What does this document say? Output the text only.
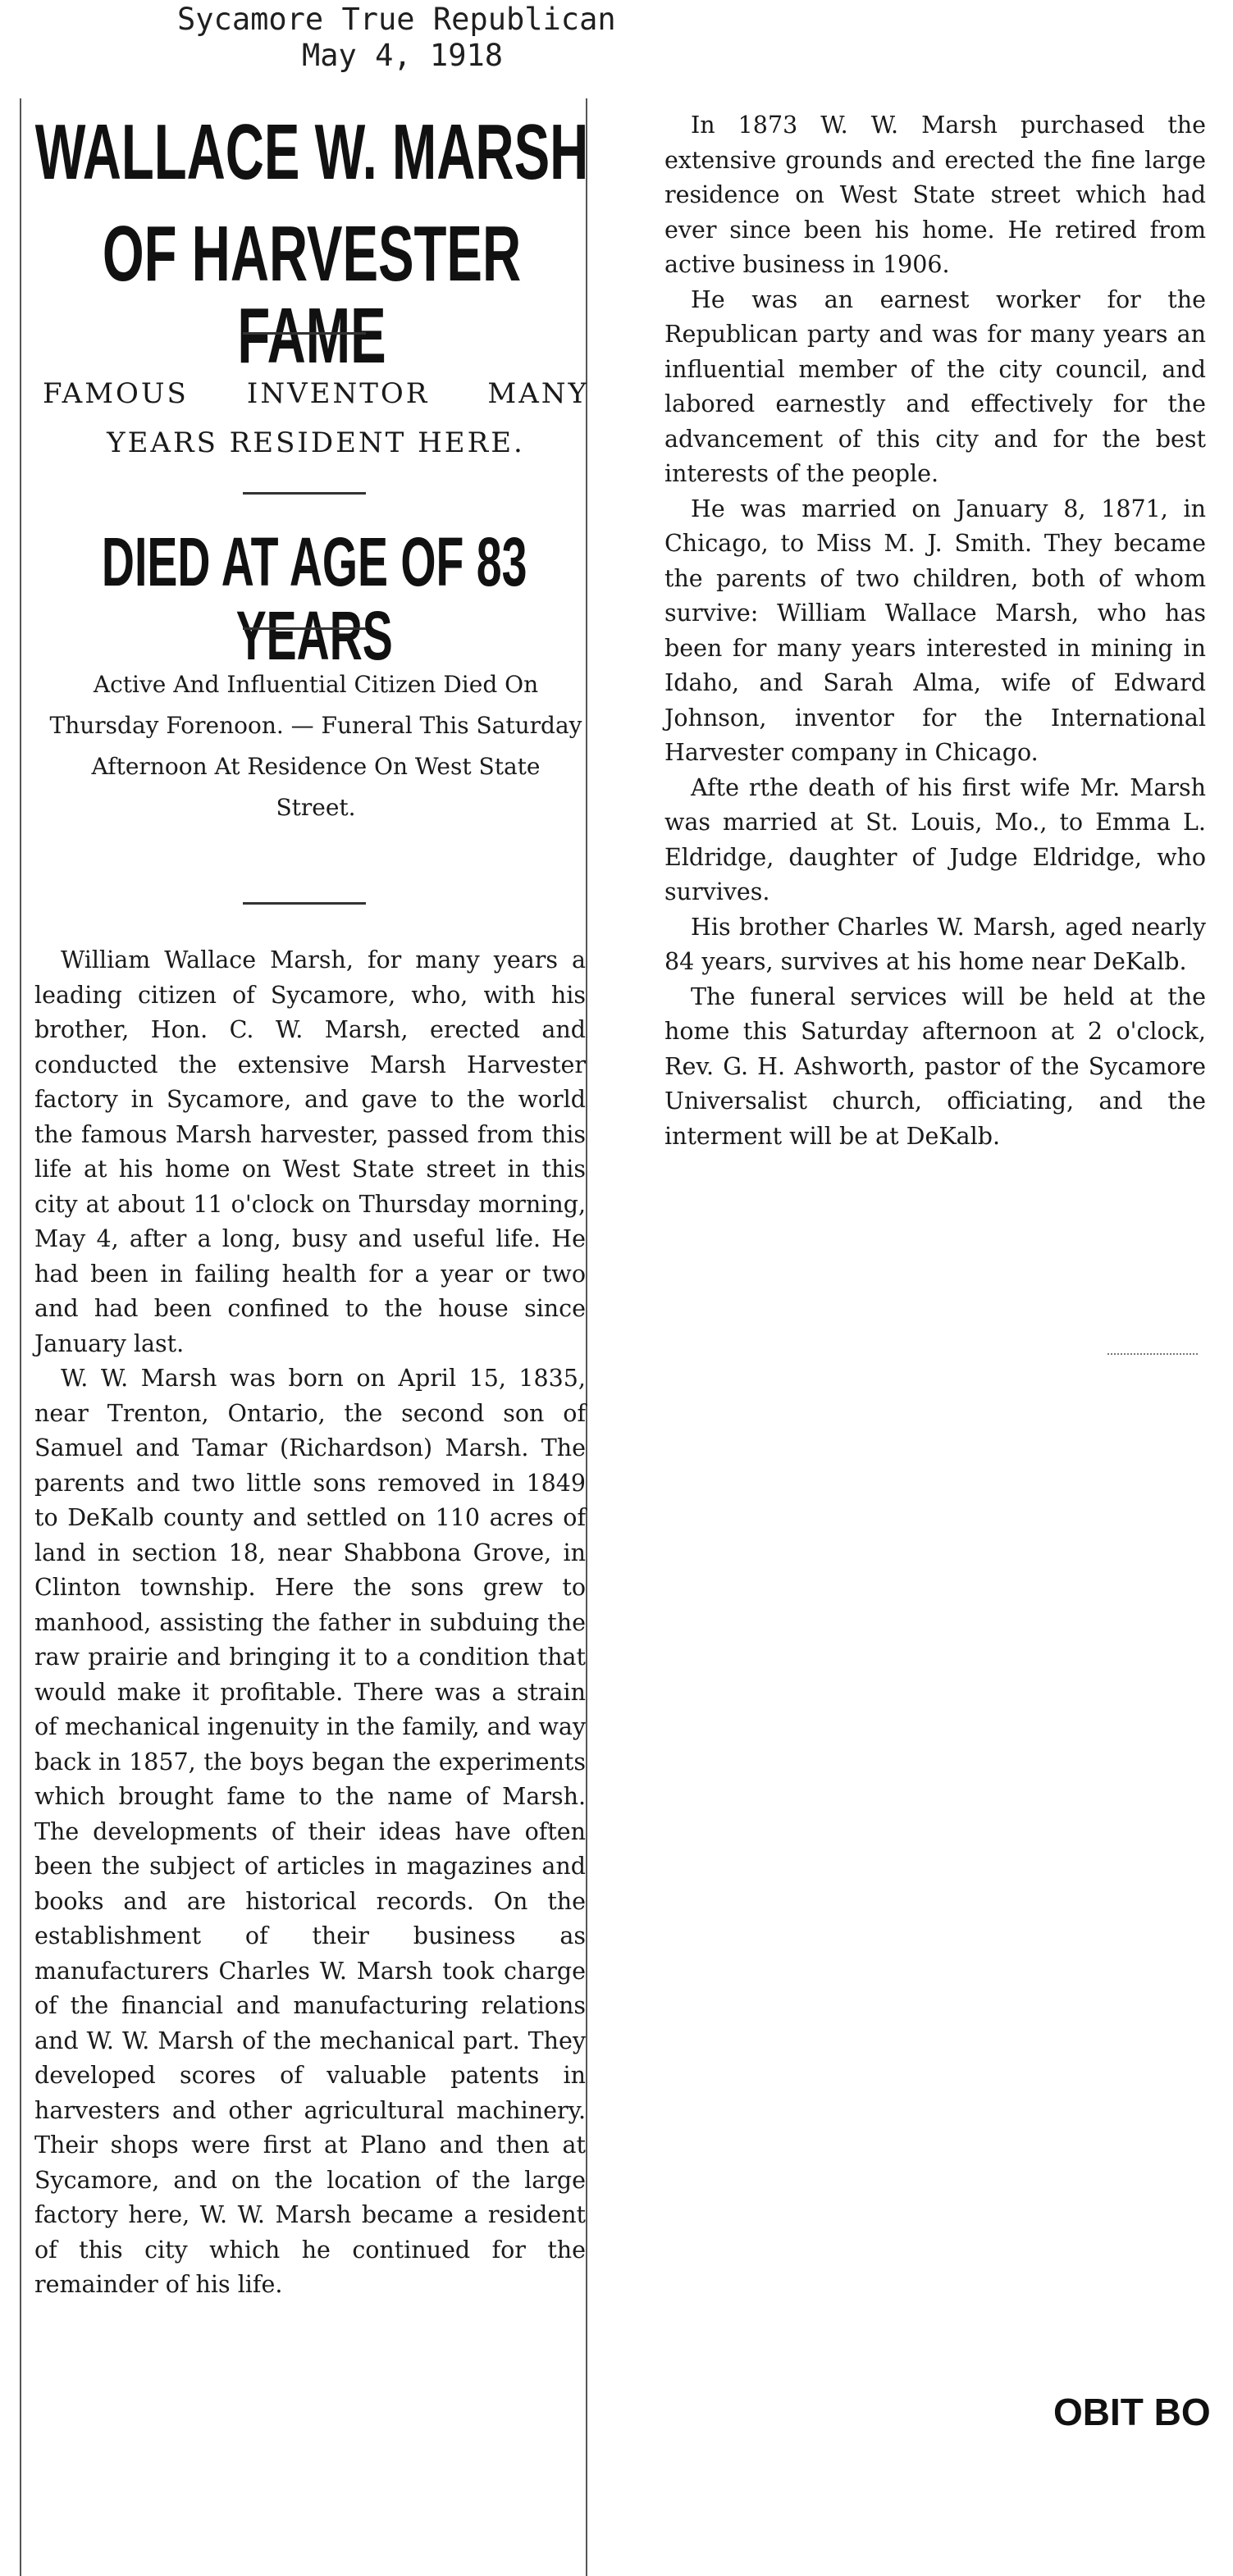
Sycamore True Republican
May 4, 1918
WALLACE W. MARSH
OF HARVESTER FAME
FAMOUS INVENTOR MANY YEARS RESIDENT HERE.
DIED AT AGE OF 83 YEARS
Active And Influential Citizen Died On Thursday Forenoon. — Funeral This Saturday Afternoon At Residence On West State Street.

William Wallace Marsh, for many years a leading citizen of Sycamore, who, with his brother, Hon. C. W. Marsh, erected and conducted the extensive Marsh Harvester factory in Sycamore, and gave to the world the famous Marsh harvester, passed from this life at his home on West State street in this city at about 11 o'clock on Thursday morning, May 4, after a long, busy and useful life. He had been in failing health for a year or two and had been confined to the house since January last.

W. W. Marsh was born on April 15, 1835, near Trenton, Ontario, the second son of Samuel and Tamar (Richardson) Marsh. The parents and two little sons removed in 1849 to DeKalb county and settled on 110 acres of land in section 18, near Shabbona Grove, in Clinton township. Here the sons grew to manhood, assisting the father in subduing the raw prairie and bringing it to a condition that would make it profitable. There was a strain of mechanical ingenuity in the family, and way back in 1857, the boys began the experiments which brought fame to the name of Marsh. The developments of their ideas have often been the subject of articles in magazines and books and are historical records. On the establishment of their business as manufacturers Charles W. Marsh took charge of the financial and manufacturing relations and W. W. Marsh of the mechanical part. They developed scores of valuable patents in harvesters and other agricultural machinery. Their shops were first at Plano and then at Sycamore, and on the location of the large factory here, W. W. Marsh became a resident of this city which he continued for the remainder of his life.

In 1873 W. W. Marsh purchased the extensive grounds and erected the fine large residence on West State street which had ever since been his home. He retired from active business in 1906.

He was an earnest worker for the Republican party and was for many years an influential member of the city council, and labored earnestly and effectively for the advancement of this city and for the best interests of the people.

He was married on January 8, 1871, in Chicago, to Miss M. J. Smith. They became the parents of two children, both of whom survive: William Wallace Marsh, who has been for many years interested in mining in Idaho, and Sarah Alma, wife of Edward Johnson, inventor for the International Harvester company in Chicago.

Afte rthe death of his first wife Mr. Marsh was married at St. Louis, Mo., to Emma L. Eldridge, daughter of Judge Eldridge, who survives.

His brother Charles W. Marsh, aged nearly 84 years, survives at his home near DeKalb.

The funeral services will be held at the home this Saturday afternoon at 2 o'clock, Rev. G. H. Ashworth, pastor of the Sycamore Universalist church, officiating, and the interment will be at DeKalb.

OBIT BO
